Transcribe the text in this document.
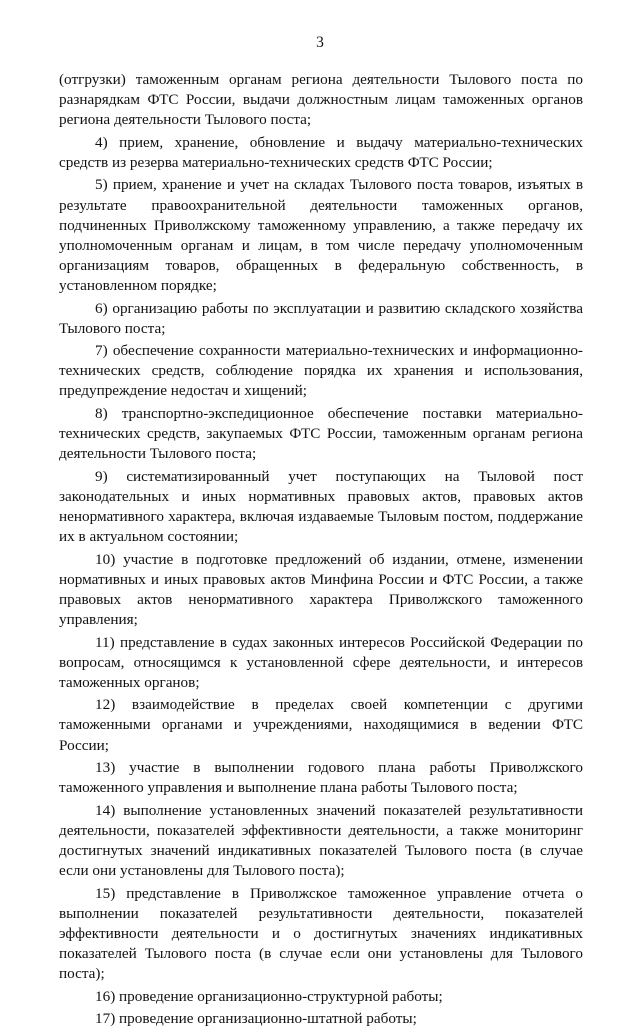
3

(отгрузки) таможенным органам региона деятельности Тылового поста по разнарядкам ФТС России, выдачи должностным лицам таможенных органов региона деятельности Тылового поста;

4) прием, хранение, обновление и выдачу материально-технических средств из резерва материально-технических средств ФТС России;

5) прием, хранение и учет на складах Тылового поста товаров, изъятых в результате правоохранительной деятельности таможенных органов, подчиненных Приволжскому таможенному управлению, а также передачу их уполномоченным органам и лицам, в том числе передачу уполномоченным организациям товаров, обращенных в федеральную собственность, в установленном порядке;

6) организацию работы по эксплуатации и развитию складского хозяйства Тылового поста;

7) обеспечение сохранности материально-технических и информационно-технических средств, соблюдение порядка их хранения и использования, предупреждение недостач и хищений;

8) транспортно-экспедиционное обеспечение поставки материально-технических средств, закупаемых ФТС России, таможенным органам региона деятельности Тылового поста;

9) систематизированный учет поступающих на Тыловой пост законодательных и иных нормативных правовых актов, правовых актов ненормативного характера, включая издаваемые Тыловым постом, поддержание их в актуальном состоянии;

10) участие в подготовке предложений об издании, отмене, изменении нормативных и иных правовых актов Минфина России и ФТС России, а также правовых актов ненормативного характера Приволжского таможенного управления;

11) представление в судах законных интересов Российской Федерации по вопросам, относящимся к установленной сфере деятельности, и интересов таможенных органов;

12) взаимодействие в пределах своей компетенции с другими таможенными органами и учреждениями, находящимися в ведении ФТС России;

13) участие в выполнении годового плана работы Приволжского таможенного управления и выполнение плана работы Тылового поста;

14) выполнение установленных значений показателей результативности деятельности, показателей эффективности деятельности, а также мониторинг достигнутых значений индикативных показателей Тылового поста (в случае если они установлены для Тылового поста);

15) представление в Приволжское таможенное управление отчета о выполнении показателей результативности деятельности, показателей эффективности деятельности и о достигнутых значениях индикативных показателей Тылового поста (в случае если они установлены для Тылового поста);

16) проведение организационно-структурной работы;

17) проведение организационно-штатной работы;
